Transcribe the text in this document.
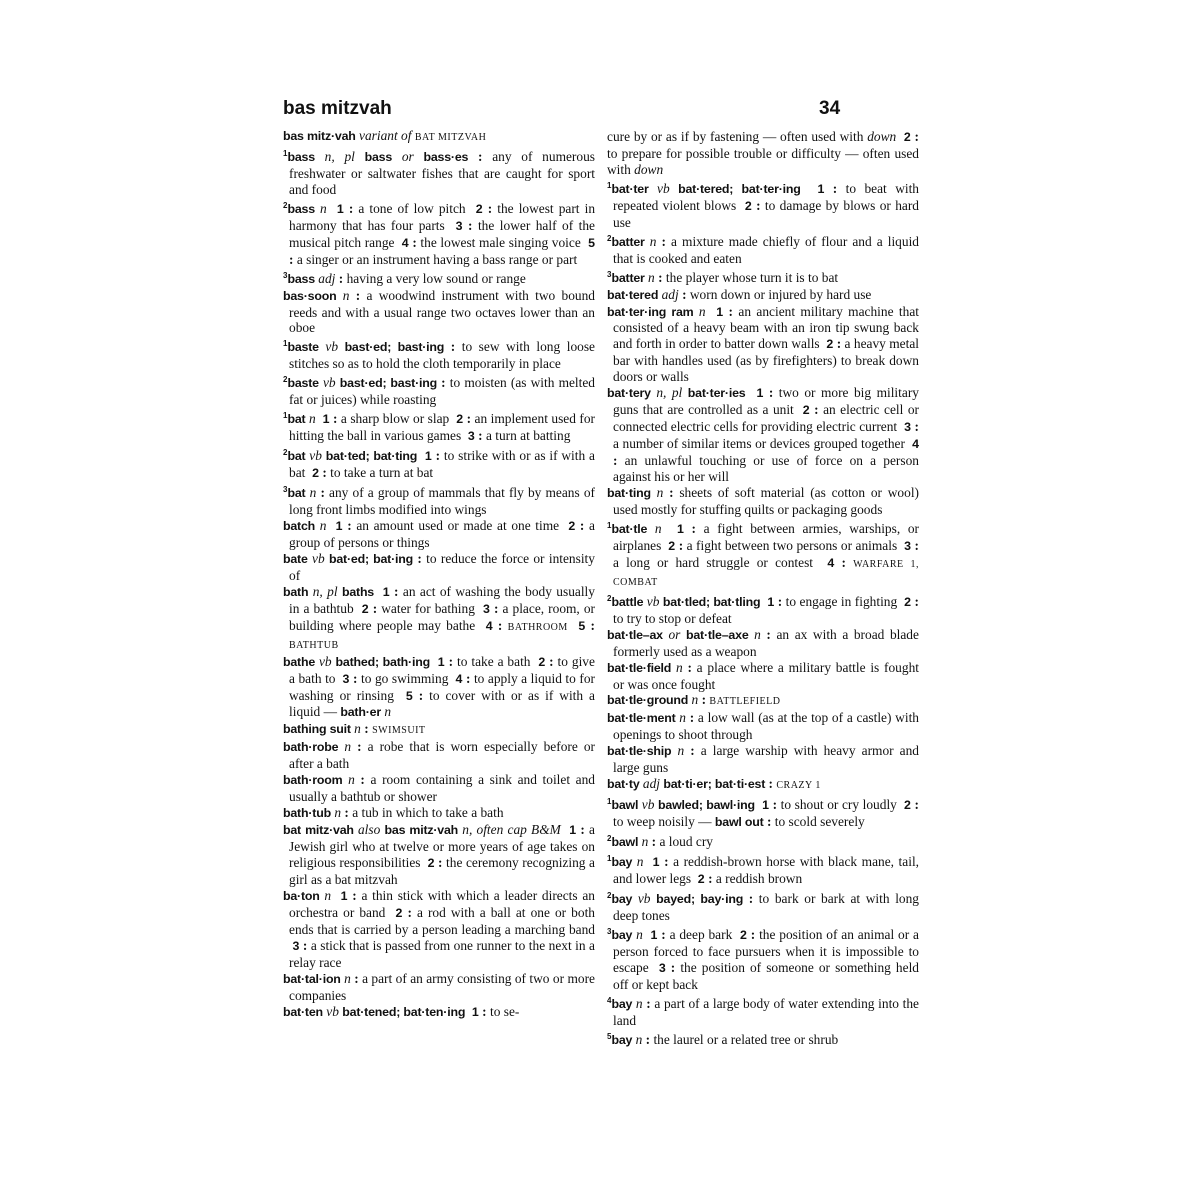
bas mitzvah	34

bas mitz·vah variant of BAT MITZVAH

$^1$bass n, pl bass or bass·es : any of numerous freshwater or saltwater fishes that are caught for sport and food

$^2$bass n 1 : a tone of low pitch  2 : the lowest part in harmony that has four parts  3 : the lower half of the musical pitch range  4 : the lowest male singing voice  5 : a singer or an instrument having a bass range or part

$^3$bass adj : having a very low sound or range

bas·soon n : a woodwind instrument with two bound reeds and with a usual range two octaves lower than an oboe

$^1$baste vb bast·ed; bast·ing : to sew with long loose stitches so as to hold the cloth temporarily in place

$^2$baste vb bast·ed; bast·ing : to moisten (as with melted fat or juices) while roasting

$^1$bat n 1 : a sharp blow or slap  2 : an implement used for hitting the ball in various games  3 : a turn at batting

$^2$bat vb bat·ted; bat·ting 1 : to strike with or as if with a bat  2 : to take a turn at bat

$^3$bat n : any of a group of mammals that fly by means of long front limbs modified into wings

batch n 1 : an amount used or made at one time  2 : a group of persons or things

bate vb bat·ed; bat·ing : to reduce the force or intensity of

bath n, pl baths 1 : an act of washing the body usually in a bathtub  2 : water for bathing  3 : a place, room, or building where people may bathe  4 : BATHROOM 5 : BATHTUB

bathe vb bathed; bath·ing 1 : to take a bath  2 : to give a bath to  3 : to go swimming  4 : to apply a liquid to for washing or rinsing  5 : to cover with or as if with a liquid — bath·er n

bathing suit n : SWIMSUIT

bath·robe n : a robe that is worn especially before or after a bath

bath·room n : a room containing a sink and toilet and usually a bathtub or shower

bath·tub n : a tub in which to take a bath

bat mitz·vah also bas mitz·vah n, often cap B&M 1 : a Jewish girl who at twelve or more years of age takes on religious responsibilities  2 : the ceremony recognizing a girl as a bat mitzvah

ba·ton n 1 : a thin stick with which a leader directs an orchestra or band  2 : a rod with a ball at one or both ends that is carried by a person leading a marching band  3 : a stick that is passed from one runner to the next in a relay race

bat·tal·ion n : a part of an army consisting of two or more companies

bat·ten vb bat·tened; bat·ten·ing 1 : to se-

cure by or as if by fastening — often used with down 2 : to prepare for possible trouble or difficulty — often used with down

$^1$bat·ter vb bat·tered; bat·ter·ing 1 : to beat with repeated violent blows  2 : to damage by blows or hard use

$^2$batter n : a mixture made chiefly of flour and a liquid that is cooked and eaten

$^3$batter n : the player whose turn it is to bat

bat·tered adj : worn down or injured by hard use

bat·ter·ing ram n 1 : an ancient military machine that consisted of a heavy beam with an iron tip swung back and forth in order to batter down walls  2 : a heavy metal bar with handles used (as by firefighters) to break down doors or walls

bat·tery n, pl bat·ter·ies 1 : two or more big military guns that are controlled as a unit  2 : an electric cell or connected electric cells for providing electric current  3 : a number of similar items or devices grouped together  4 : an unlawful touching or use of force on a person against his or her will

bat·ting n : sheets of soft material (as cotton or wool) used mostly for stuffing quilts or packaging goods

$^1$bat·tle n 1 : a fight between armies, warships, or airplanes  2 : a fight between two persons or animals  3 : a long or hard struggle or contest  4 : WARFARE 1, COMBAT

$^2$battle vb bat·tled; bat·tling 1 : to engage in fighting  2 : to try to stop or defeat

bat·tle–ax or bat·tle–axe n : an ax with a broad blade formerly used as a weapon

bat·tle·field n : a place where a military battle is fought or was once fought

bat·tle·ground n : BATTLEFIELD

bat·tle·ment n : a low wall (as at the top of a castle) with openings to shoot through

bat·tle·ship n : a large warship with heavy armor and large guns

bat·ty adj bat·ti·er; bat·ti·est : CRAZY 1

$^1$bawl vb bawled; bawl·ing 1 : to shout or cry loudly  2 : to weep noisily — bawl out : to scold severely

$^2$bawl n : a loud cry

$^1$bay n 1 : a reddish-brown horse with black mane, tail, and lower legs  2 : a reddish brown

$^2$bay vb bayed; bay·ing : to bark or bark at with long deep tones

$^3$bay n 1 : a deep bark  2 : the position of an animal or a person forced to face pursuers when it is impossible to escape  3 : the position of someone or something held off or kept back

$^4$bay n : a part of a large body of water extending into the land

$^5$bay n : the laurel or a related tree or shrub
